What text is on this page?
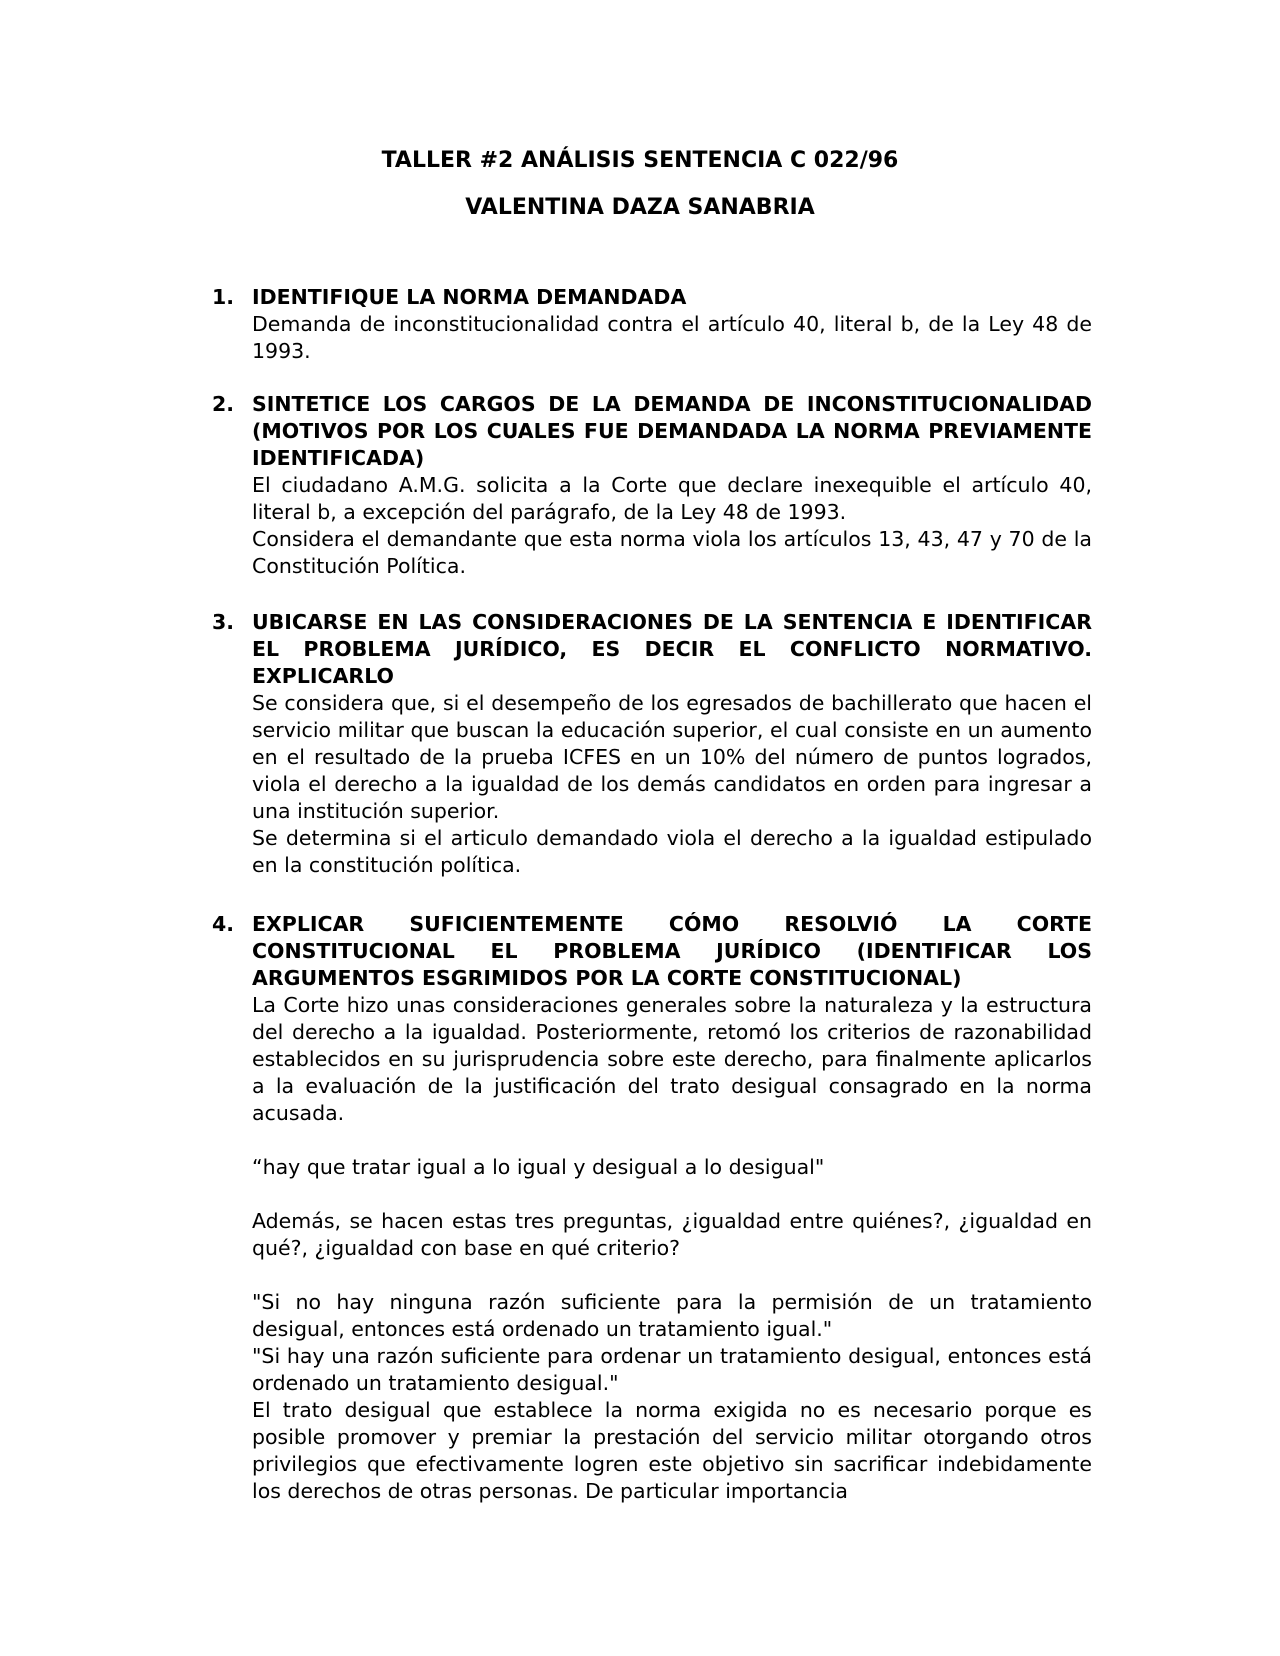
TALLER #2 ANÁLISIS SENTENCIA C 022/96
VALENTINA DAZA SANABRIA
1. IDENTIFIQUE LA NORMA DEMANDADA

Demanda de inconstitucionalidad contra el artículo 40, literal b, de la Ley 48 de 1993.

2. SINTETICE LOS CARGOS DE LA DEMANDA DE INCONSTITUCIONALIDAD (MOTIVOS POR LOS CUALES FUE DEMANDADA LA NORMA PREVIAMENTE IDENTIFICADA)

El ciudadano A.M.G. solicita a la Corte que declare inexequible el artículo 40, literal b, a excepción del parágrafo, de la Ley 48 de 1993.

Considera el demandante que esta norma viola los artículos 13, 43, 47 y 70 de la Constitución Política.

3. UBICARSE EN LAS CONSIDERACIONES DE LA SENTENCIA E IDENTIFICAR EL PROBLEMA JURÍDICO, ES DECIR EL CONFLICTO NORMATIVO. EXPLICARLO

Se considera que, si el desempeño de los egresados de bachillerato que hacen el servicio militar que buscan la educación superior, el cual consiste en un aumento en el resultado de la prueba ICFES en un 10% del número de puntos logrados, viola el derecho a la igualdad de los demás candidatos en orden para ingresar a una institución superior.

Se determina si el articulo demandado viola el derecho a la igualdad estipulado en la constitución política.

4. EXPLICAR SUFICIENTEMENTE CÓMO RESOLVIÓ LA CORTE CONSTITUCIONAL EL PROBLEMA JURÍDICO (IDENTIFICAR LOS ARGUMENTOS ESGRIMIDOS POR LA CORTE CONSTITUCIONAL)

La Corte hizo unas consideraciones generales sobre la naturaleza y la estructura del derecho a la igualdad. Posteriormente, retomó los criterios de razonabilidad establecidos en su jurisprudencia sobre este derecho, para finalmente aplicarlos a la evaluación de la justificación del trato desigual consagrado en la norma acusada.

“hay que tratar igual a lo igual y desigual a lo desigual"

Además, se hacen estas tres preguntas, ¿igualdad entre quiénes?, ¿igualdad en qué?, ¿igualdad con base en qué criterio?

"Si no hay ninguna razón suficiente para la permisión de un tratamiento desigual, entonces está ordenado un tratamiento igual."

"Si hay una razón suficiente para ordenar un tratamiento desigual, entonces está ordenado un tratamiento desigual."

El trato desigual que establece la norma exigida no es necesario porque es posible promover y premiar la prestación del servicio militar otorgando otros privilegios que efectivamente logren este objetivo sin sacrificar indebidamente los derechos de otras personas. De particular importancia
